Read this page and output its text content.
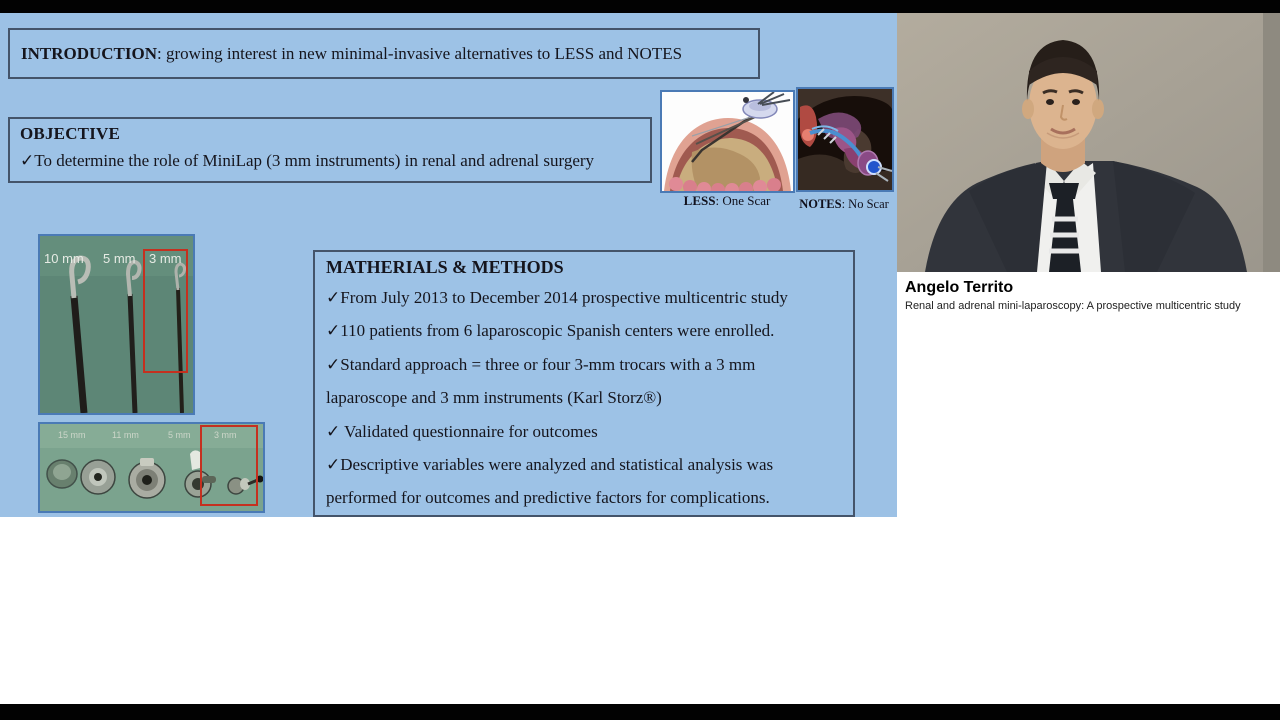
INTRODUCTION: growing interest in new minimal-invasive alternatives to LESS and NOTES
OBJECTIVE
✓To determine the role of MiniLap (3 mm instruments) in renal and adrenal surgery
LESS: One Scar	NOTES: No Scar
10 mm 5 mm 3 mm
15 mm	11 mm	5 mm	3 mm
MATHERIALS & METHODS
✓From July 2013 to December 2014 prospective multicentric study
✓110 patients from 6 laparoscopic Spanish centers were enrolled.
✓Standard approach = three or four 3-mm trocars with a 3 mm
laparoscope and 3 mm instruments (Karl Storz®)
✓ Validated questionnaire for outcomes
✓Descriptive variables were analyzed and statistical analysis was
performed for outcomes and predictive factors for complications.
Angelo Territo
Renal and adrenal mini-laparoscopy: A prospective multicentric study
